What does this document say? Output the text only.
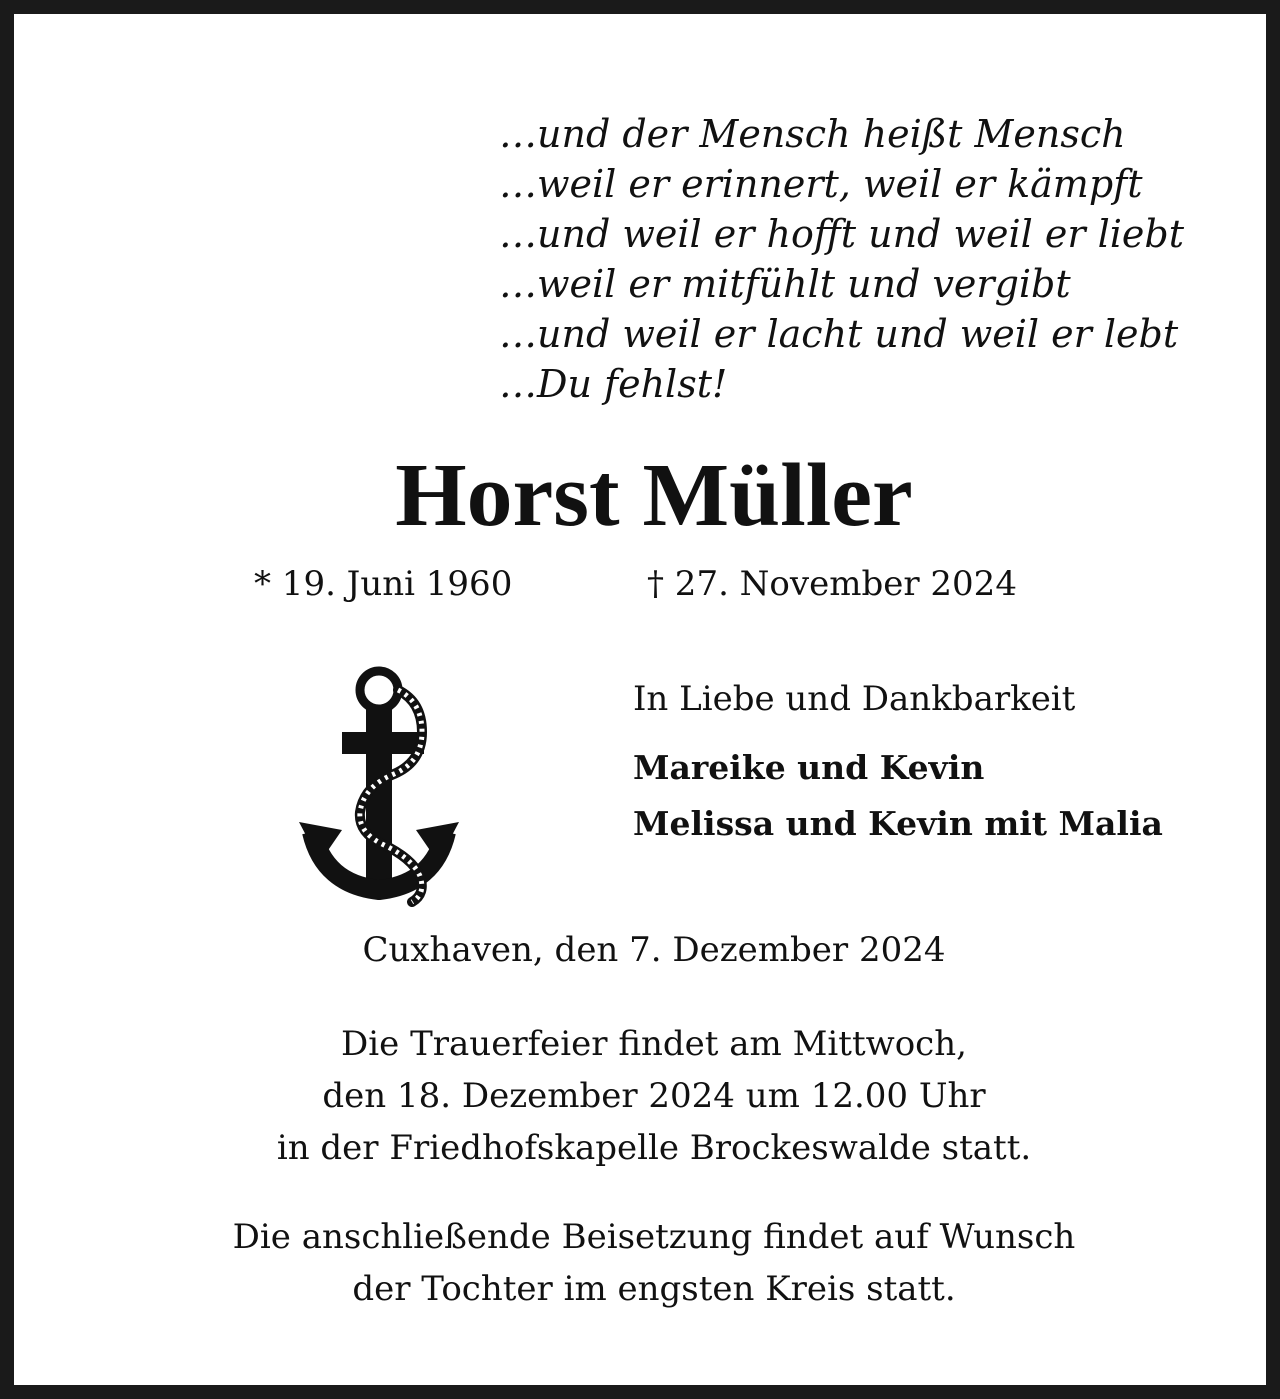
…und der Mensch heißt Mensch
…weil er erinnert, weil er kämpft
…und weil er hofft und weil er liebt
…weil er mitfühlt und vergibt
…und weil er lacht und weil er lebt
…Du fehlst!
Horst Müller
* 19. Juni 1960	† 27. November 2024
In Liebe und Dankbarkeit
Mareike und Kevin
Melissa und Kevin mit Malia
Cuxhaven, den 7. Dezember 2024
Die Trauerfeier findet am Mittwoch,
den 18. Dezember 2024 um 12.00 Uhr
in der Friedhofskapelle Brockeswalde statt.
Die anschließende Beisetzung findet auf Wunsch
der Tochter im engsten Kreis statt.
